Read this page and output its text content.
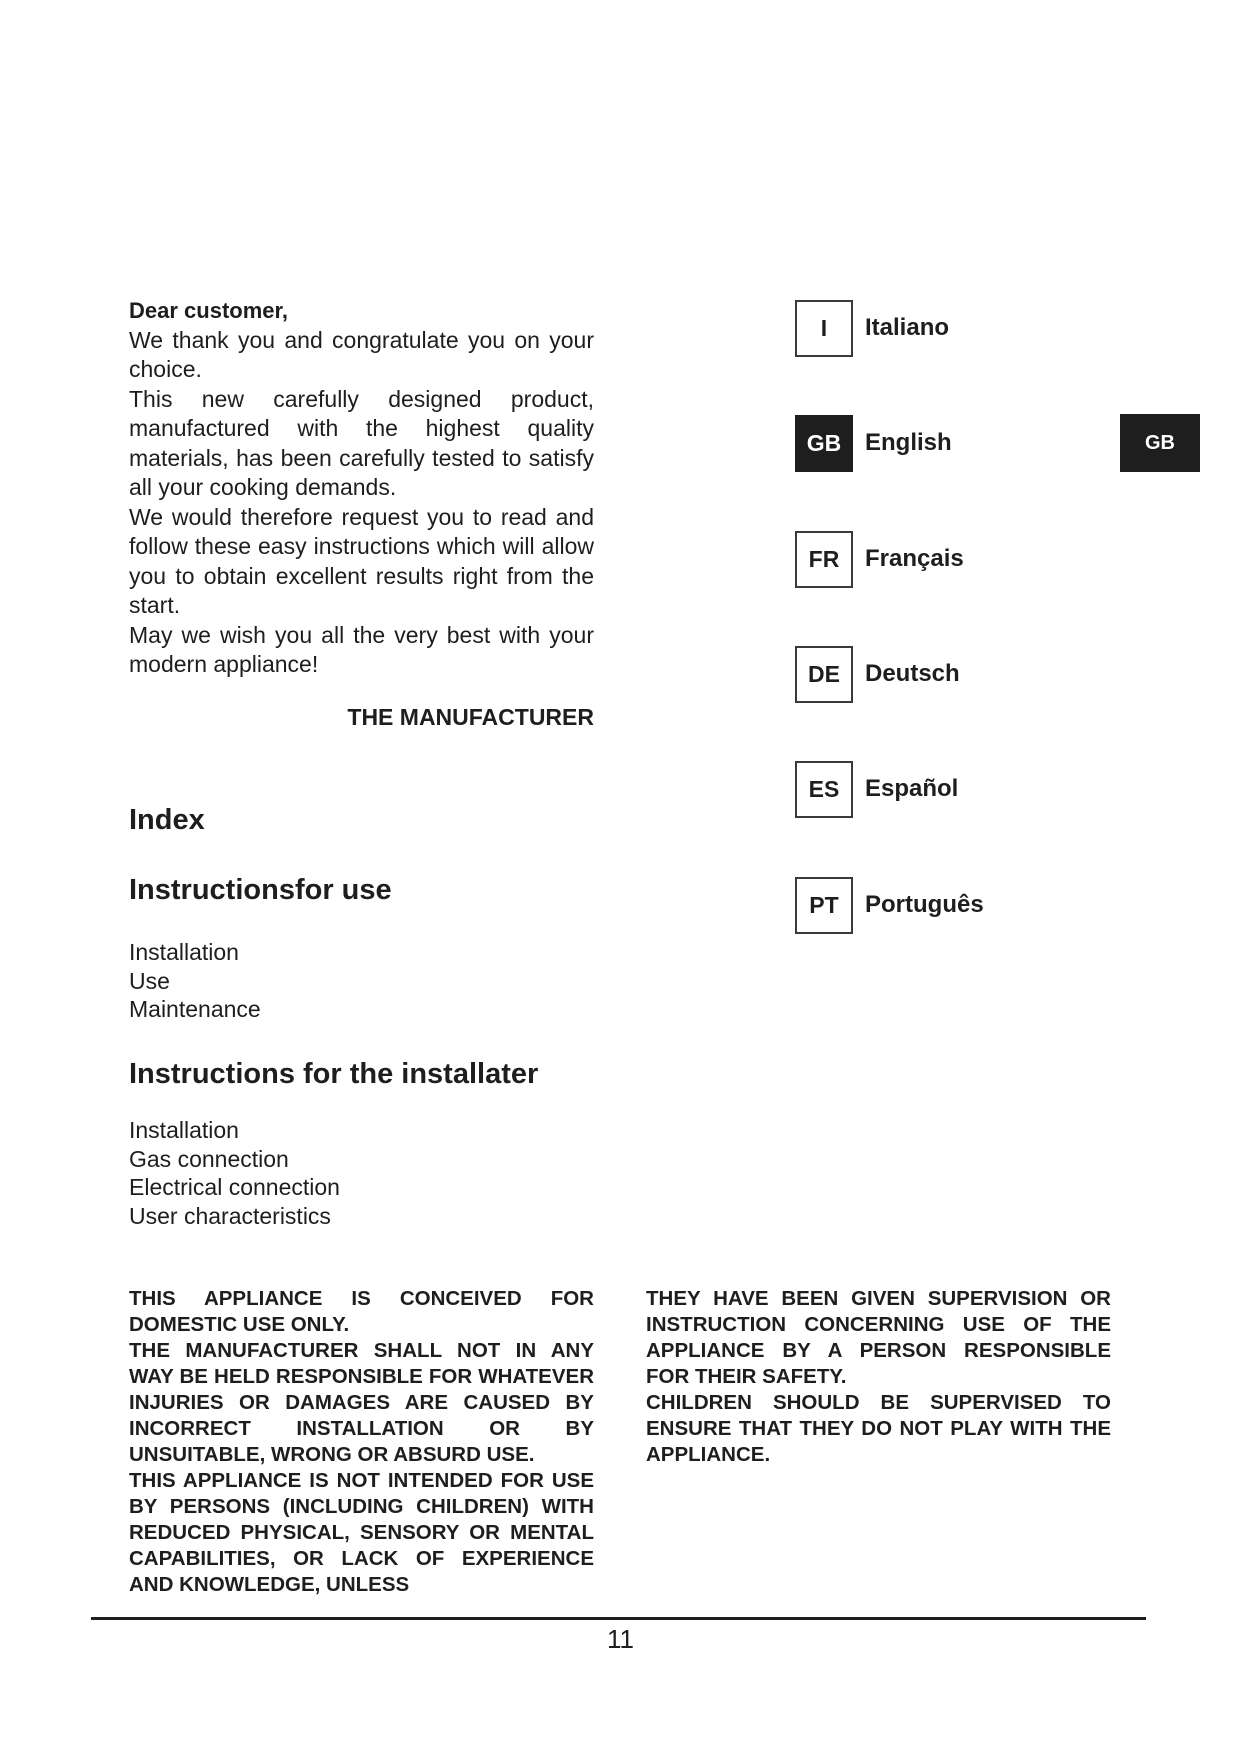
Dear customer,

We thank you and congratulate you on your choice.

This new carefully designed product, manufactured with the highest quality materials, has been carefully tested to satisfy all your cooking demands.

We would therefore request you to read and follow these easy instructions which will allow you to obtain excellent results right from the start.

May we wish you all the very best with your modern appliance!

THE MANUFACTURER
Index
Instructionsfor use
Installation
Use
Maintenance
Instructions for the installater
Installation
Gas connection
Electrical connection
User characteristics
I	Italiano
GB English
FR	Français
DE	Deutsch
ES	Español
PT	Português
GB

THIS APPLIANCE IS CONCEIVED FOR DOMESTIC USE ONLY.

THE MANUFACTURER SHALL NOT IN ANY WAY BE HELD RESPONSIBLE FOR WHATEVER INJURIES OR DAMAGES ARE CAUSED BY INCORRECT INSTALLATION OR BY UNSUITABLE, WRONG OR ABSURD USE.

THIS APPLIANCE IS NOT INTENDED FOR USE BY PERSONS (INCLUDING CHILDREN) WITH REDUCED PHYSICAL, SENSORY OR MENTAL CAPABILITIES, OR LACK OF EXPERIENCE AND KNOWLEDGE, UNLESS

THEY HAVE BEEN GIVEN SUPERVISION OR INSTRUCTION CONCERNING USE OF THE APPLIANCE BY A PERSON RESPONSIBLE FOR THEIR SAFETY.

CHILDREN SHOULD BE SUPERVISED TO ENSURE THAT THEY DO NOT PLAY WITH THE APPLIANCE.

11
